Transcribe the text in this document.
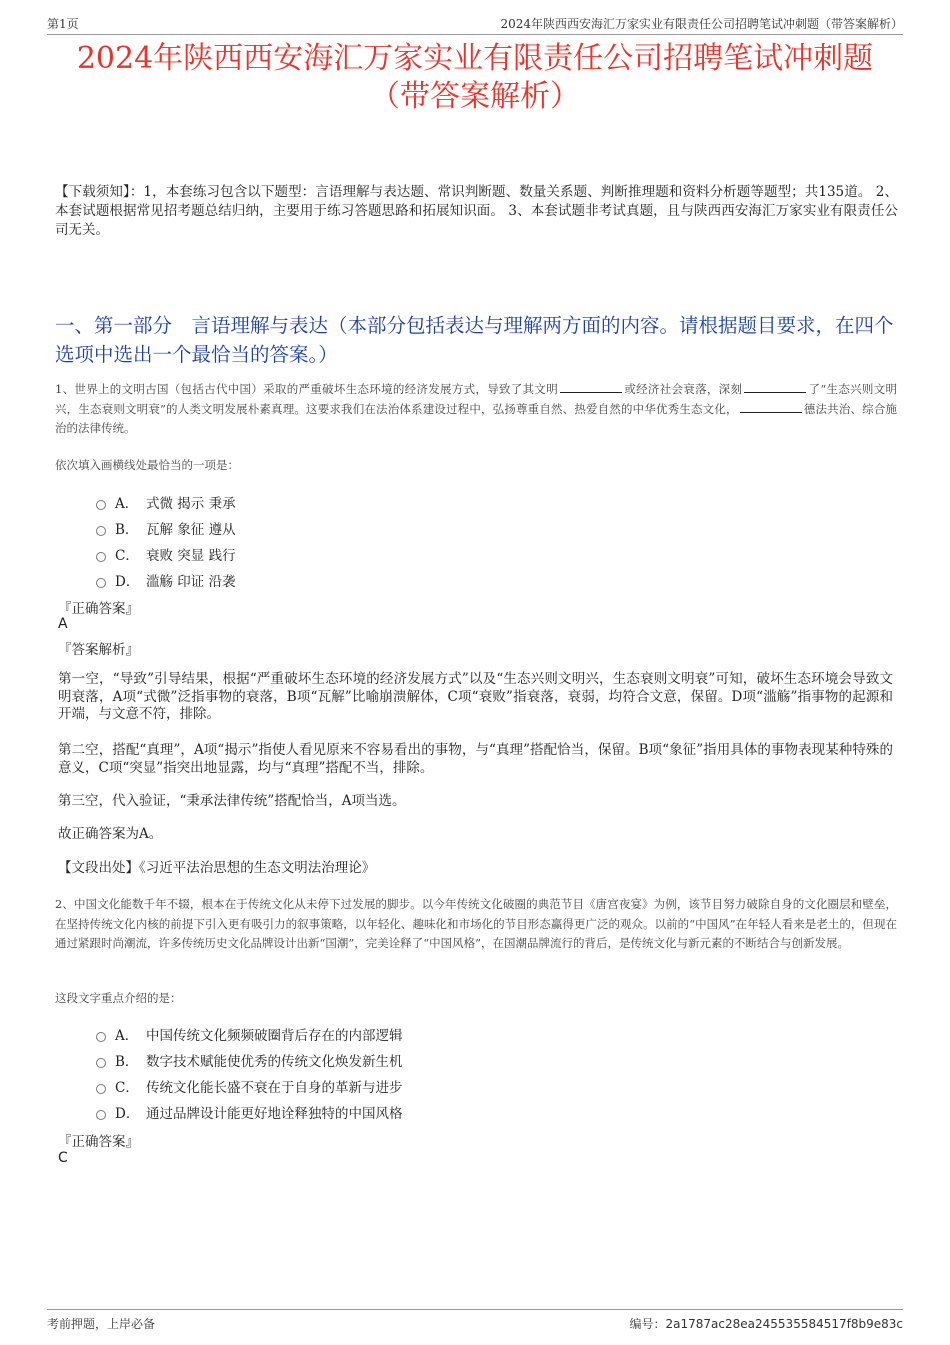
第1页	2024年陕西西安海汇万家实业有限责任公司招聘笔试冲刺题（带答案解析）
2024年陕西西安海汇万家实业有限责任公司招聘笔试冲刺题
（带答案解析）
【下载须知】：1，本套练习包含以下题型：言语理解与表达题、常识判断题、数量关系题、判断推理题和资料分析题等题型；共135道。 2、本套试题根据常见招考题总结归纳，主要用于练习答题思路和拓展知识面。 3、本套试题非考试真题，且与陕西西安海汇万家实业有限责任公司无关。
一、第一部分　言语理解与表达（本部分包括表达与理解两方面的内容。请根据题目要求，在四个选项中选出一个最恰当的答案。）
1、世界上的文明古国（包括古代中国）采取的严重破坏生态环境的经济发展方式，导致了其文明	或经济社会衰落，深刻	了“生态兴则文明兴，生态衰则文明衰”的人类文明发展朴素真理。这要求我们在法治体系建设过程中，弘扬尊重自然、热爱自然的中华优秀生态文化，	德法共治、综合施治的法律传统。
依次填入画横线处最恰当的一项是：
A． 式微 揭示 秉承
B． 瓦解 象征 遵从
C． 衰败 突显 践行
D． 滥觞 印证 沿袭
『正确答案』
A
『答案解析』
第一空，“导致”引导结果，根据“严重破坏生态环境的经济发展方式”以及“生态兴则文明兴，生态衰则文明衰”可知，破坏生态环境会导致文明衰落，A项“式微”泛指事物的衰落，B项“瓦解”比喻崩溃解体，C项“衰败”指衰落，衰弱，均符合文意，保留。D项“滥觞”指事物的起源和开端，与文意不符，排除。
第二空，搭配“真理”，A项“揭示”指使人看见原来不容易看出的事物，与“真理”搭配恰当，保留。B项“象征”指用具体的事物表现某种特殊的意义，C项“突显”指突出地显露，均与“真理”搭配不当，排除。
第三空，代入验证，“秉承法律传统”搭配恰当，A项当选。
故正确答案为A。
【文段出处】《习近平法治思想的生态文明法治理论》
2、中国文化能数千年不辍，根本在于传统文化从未停下过发展的脚步。以今年传统文化破圈的典范节目《唐宫夜宴》为例，该节目努力破除自身的文化圈层和壁垒，在坚持传统文化内核的前提下引入更有吸引力的叙事策略，以年轻化、趣味化和市场化的节目形态赢得更广泛的观众。以前的“中国风”在年轻人看来是老土的，但现在通过紧跟时尚潮流，许多传统历史文化品牌设计出新“国潮”，完美诠释了“中国风格”，在国潮品牌流行的背后，是传统文化与新元素的不断结合与创新发展。
这段文字重点介绍的是：
A． 中国传统文化频频破圈背后存在的内部逻辑
B． 数字技术赋能使优秀的传统文化焕发新生机
C． 传统文化能长盛不衰在于自身的革新与进步
D． 通过品牌设计能更好地诠释独特的中国风格
『正确答案』
C
考前押题，上岸必备	编号：2a1787ac28ea245535584517f8b9e83c
